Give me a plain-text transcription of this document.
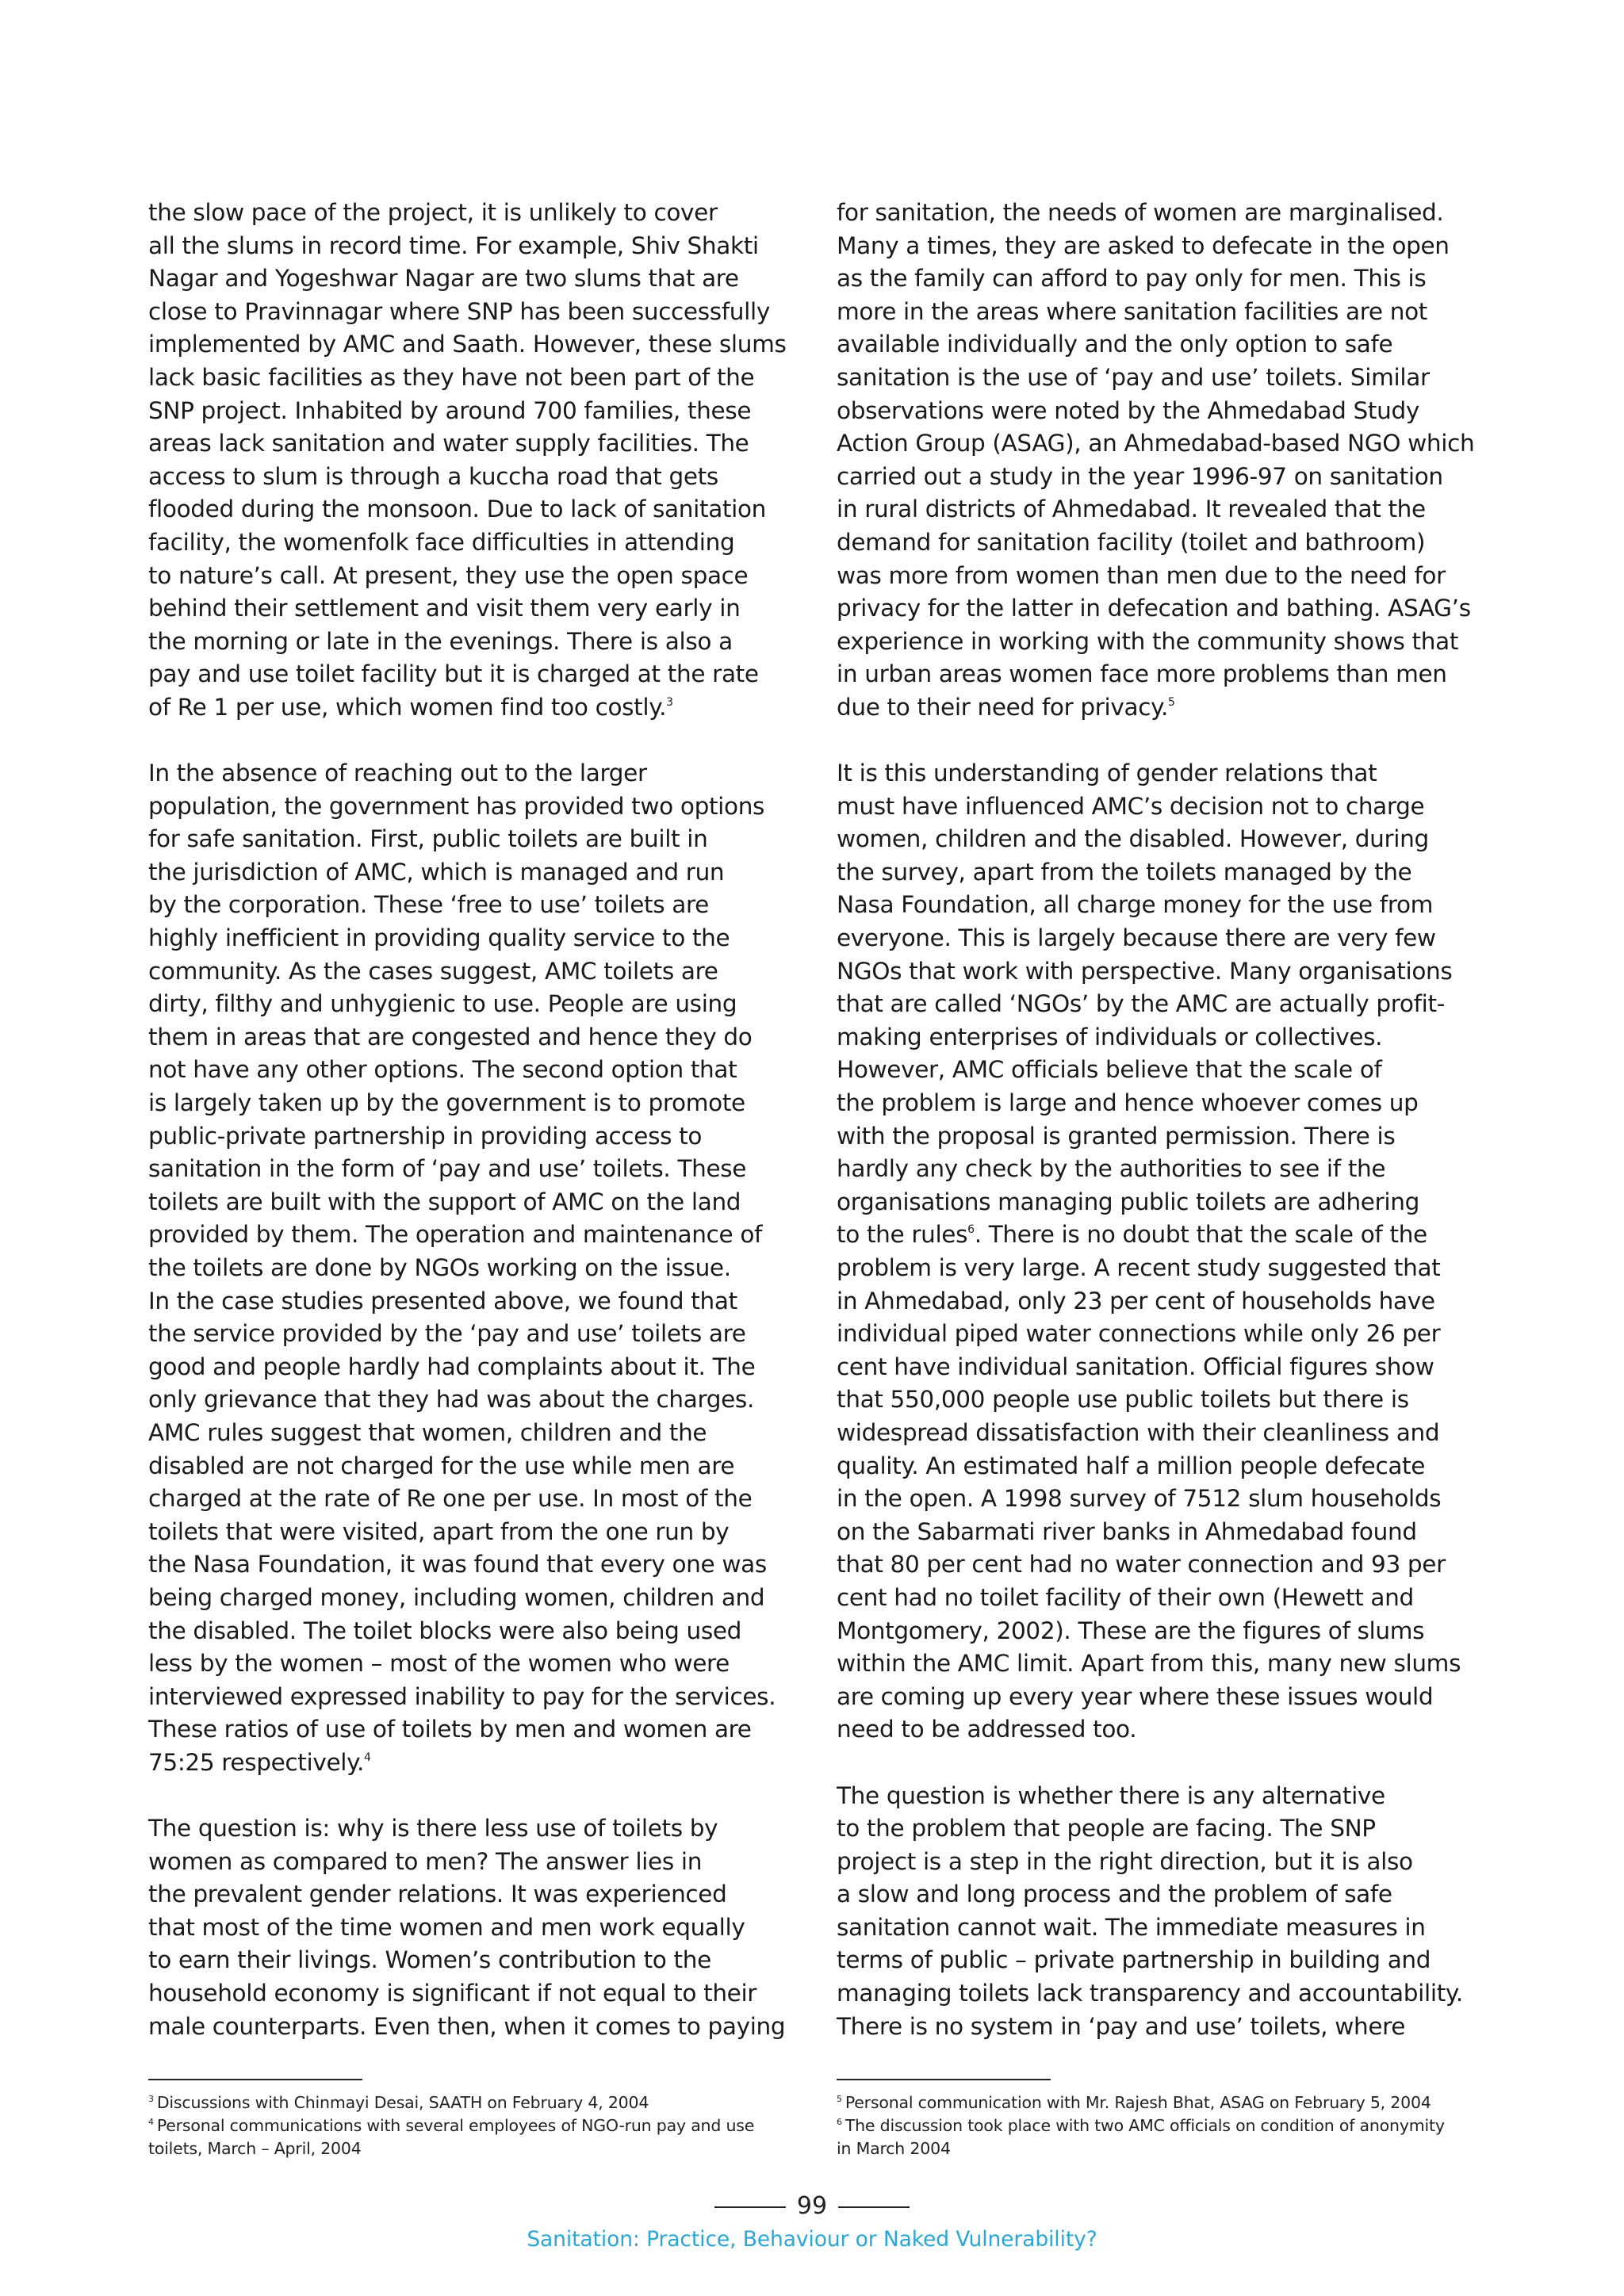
the slow pace of the project, it is unlikely to cover
all the slums in record time. For example, Shiv Shakti
Nagar and Yogeshwar Nagar are two slums that are
close to Pravinnagar where SNP has been successfully
implemented by AMC and Saath. However, these slums
lack basic facilities as they have not been part of the
SNP project. Inhabited by around 700 families, these
areas lack sanitation and water supply facilities. The
access to slum is through a kuccha road that gets
flooded during the monsoon. Due to lack of sanitation
facility, the womenfolk face difficulties in attending
to nature’s call. At present, they use the open space
behind their settlement and visit them very early in
the morning or late in the evenings. There is also a
pay and use toilet facility but it is charged at the rate
of Re 1 per use, which women find too costly.$^3$

In the absence of reaching out to the larger
population, the government has provided two options
for safe sanitation. First, public toilets are built in
the jurisdiction of AMC, which is managed and run
by the corporation. These ‘free to use’ toilets are
highly inefficient in providing quality service to the
community. As the cases suggest, AMC toilets are
dirty, filthy and unhygienic to use. People are using
them in areas that are congested and hence they do
not have any other options. The second option that
is largely taken up by the government is to promote
public-private partnership in providing access to
sanitation in the form of ‘pay and use’ toilets. These
toilets are built with the support of AMC on the land
provided by them. The operation and maintenance of
the toilets are done by NGOs working on the issue.
In the case studies presented above, we found that
the service provided by the ‘pay and use’ toilets are
good and people hardly had complaints about it. The
only grievance that they had was about the charges.
AMC rules suggest that women, children and the
disabled are not charged for the use while men are
charged at the rate of Re one per use. In most of the
toilets that were visited, apart from the one run by
the Nasa Foundation, it was found that every one was
being charged money, including women, children and
the disabled. The toilet blocks were also being used
less by the women – most of the women who were
interviewed expressed inability to pay for the services.
These ratios of use of toilets by men and women are
75:25 respectively.$^4$

The question is: why is there less use of toilets by
women as compared to men? The answer lies in
the prevalent gender relations. It was experienced
that most of the time women and men work equally
to earn their livings. Women’s contribution to the
household economy is significant if not equal to their
male counterparts. Even then, when it comes to paying

for sanitation, the needs of women are marginalised.
Many a times, they are asked to defecate in the open
as the family can afford to pay only for men. This is
more in the areas where sanitation facilities are not
available individually and the only option to safe
sanitation is the use of ‘pay and use’ toilets. Similar
observations were noted by the Ahmedabad Study
Action Group (ASAG), an Ahmedabad-based NGO which
carried out a study in the year 1996-97 on sanitation
in rural districts of Ahmedabad. It revealed that the
demand for sanitation facility (toilet and bathroom)
was more from women than men due to the need for
privacy for the latter in defecation and bathing. ASAG’s
experience in working with the community shows that
in urban areas women face more problems than men
due to their need for privacy.$^5$

It is this understanding of gender relations that
must have influenced AMC’s decision not to charge
women, children and the disabled. However, during
the survey, apart from the toilets managed by the
Nasa Foundation, all charge money for the use from
everyone. This is largely because there are very few
NGOs that work with perspective. Many organisations
that are called ‘NGOs’ by the AMC are actually profit-
making enterprises of individuals or collectives.
However, AMC officials believe that the scale of
the problem is large and hence whoever comes up
with the proposal is granted permission. There is
hardly any check by the authorities to see if the
organisations managing public toilets are adhering
to the rules$^6$. There is no doubt that the scale of the
problem is very large. A recent study suggested that
in Ahmedabad, only 23 per cent of households have
individual piped water connections while only 26 per
cent have individual sanitation. Official figures show
that 550,000 people use public toilets but there is
widespread dissatisfaction with their cleanliness and
quality. An estimated half a million people defecate
in the open. A 1998 survey of 7512 slum households
on the Sabarmati river banks in Ahmedabad found
that 80 per cent had no water connection and 93 per
cent had no toilet facility of their own (Hewett and
Montgomery, 2002). These are the figures of slums
within the AMC limit. Apart from this, many new slums
are coming up every year where these issues would
need to be addressed too.

The question is whether there is any alternative
to the problem that people are facing. The SNP
project is a step in the right direction, but it is also
a slow and long process and the problem of safe
sanitation cannot wait. The immediate measures in
terms of public – private partnership in building and
managing toilets lack transparency and accountability.
There is no system in ‘pay and use’ toilets, where

$^3$ Discussions with Chinmayi Desai, SAATH on February 4, 2004
$^4$ Personal communications with several employees of NGO-run pay and use
toilets, March – April, 2004
$^5$ Personal communication with Mr. Rajesh Bhat, ASAG on February 5, 2004
$^6$ The discussion took place with two AMC officials on condition of anonymity
in March 2004
99
Sanitation: Practice, Behaviour or Naked Vulnerability?
